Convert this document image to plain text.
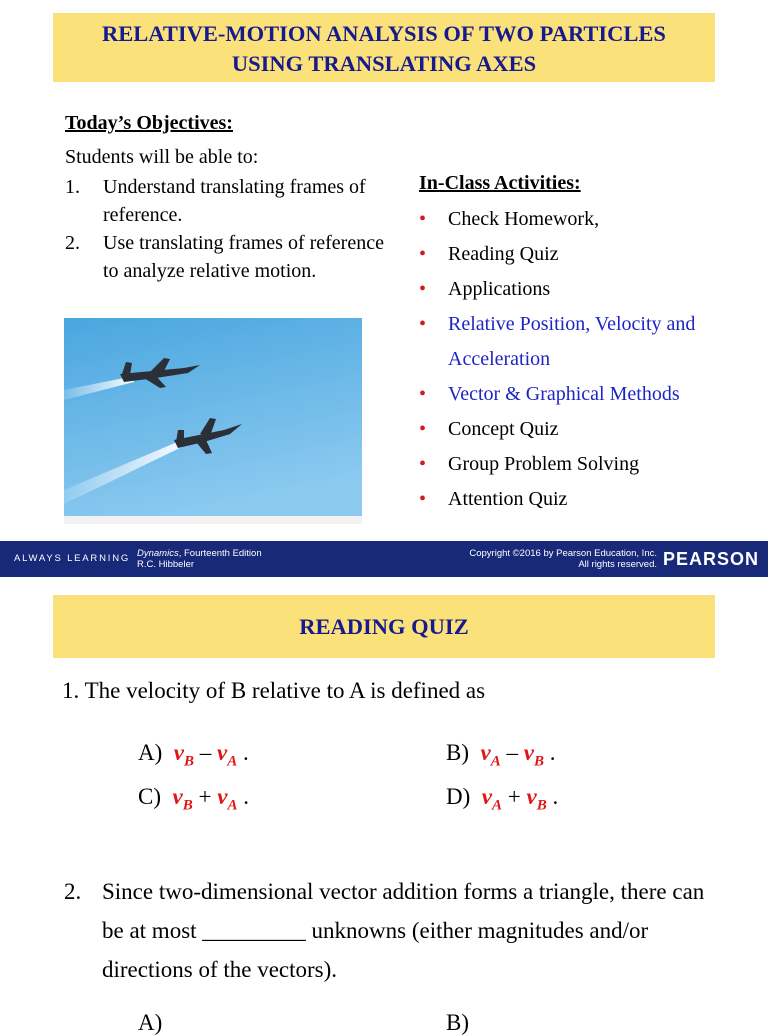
RELATIVE-MOTION ANALYSIS OF TWO PARTICLES
USING TRANSLATING AXES
Today’s Objectives:
Students will be able to:
1. Understand translating frames of reference.
2. Use translating frames of reference to analyze relative motion.
In-Class Activities:
• Check Homework,
• Reading Quiz
• Applications
• Relative Position, Velocity and Acceleration
• Vector & Graphical Methods
• Concept Quiz
• Group Problem Solving
• Attention Quiz
ALWAYS LEARNING Dynamics, Fourteenth Edition
R.C. Hibbeler
Copyright ©2016 by Pearson Education, Inc.
All rights reserved. PEARSON
READING QUIZ
1. The velocity of B relative to A is defined as
A) $v_B - v_A$ .	B) $v_A - v_B$ .
C) $v_B + v_A$ .	D) $v_A + v_B$ .
2. Since two-dimensional vector addition forms a triangle, there can be at most _________ unknowns (either magnitudes and/or directions of the vectors).
A)	B)
